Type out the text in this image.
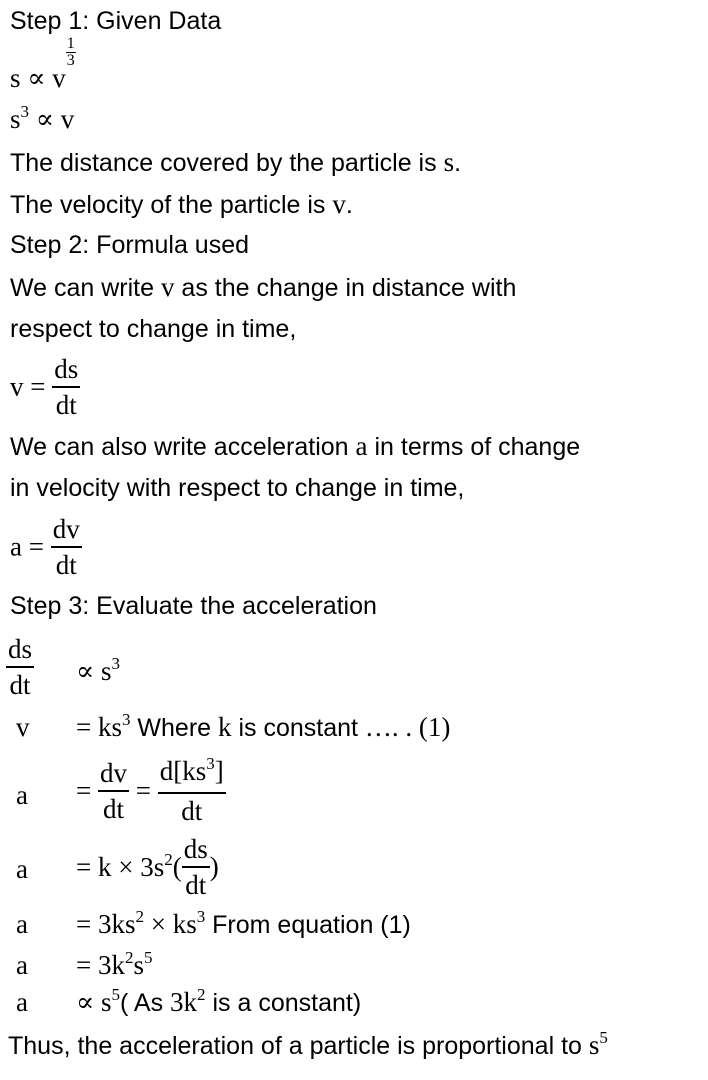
Step 1: Given Data
s ∝ v
$\frac{1}{3}$
$s^3 \propto v$
The distance covered by the particle is s.
The velocity of the particle is v.
Step 2: Formula used
We can write v as the change in distance with
respect to change in time,
$v = \frac{ds}{dt}$
We can also write acceleration a in terms of change
in velocity with respect to change in time,
$a = \frac{dv}{dt}$
Step 3: Evaluate the acceleration
$\frac{ds}{dt} \propto s^3$
v	= $ks^3$ Where k is constant …. . (1)
a	= $\frac{dv}{dt} = \frac{d[ks^3]}{dt}$
a	= $k \times 3s^2( \frac{ds}{dt}$ )
a	= $3ks^2 \times ks^3$ From equation (1)
a	= $3k^2s^5$
a	∝ $s^5$( As $3k^2$ is a constant)
Thus, the acceleration of a particle is proportional to $s^5$
